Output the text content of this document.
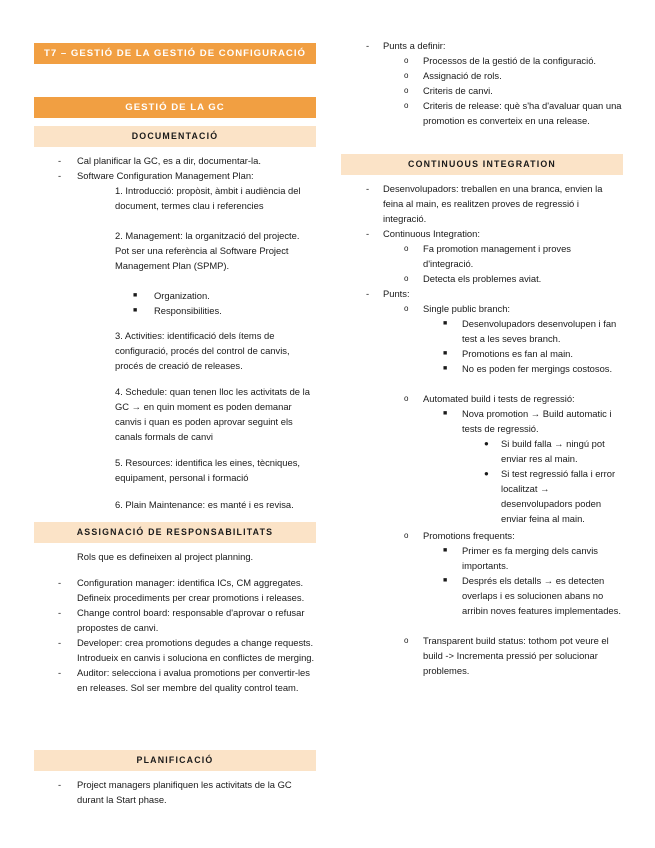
T7 – GESTIÓ DE LA GESTIÓ DE CONFIGURACIÓ
GESTIÓ DE LA GC
DOCUMENTACIÓ
- Cal planificar la GC, es a dir, documentar-la.
- Software Configuration Management Plan:
1. Introducció: propòsit, àmbit i audiència del document, termes clau i referencies
2. Management: la organització del projecte. Pot ser una referència al Software Project Management Plan (SPMP).
■ Organization.
■ Responsibilities.
3. Activities: identificació dels ítems de configuració, procés del control de canvis, procés de creació de releases.
4. Schedule: quan tenen lloc les activitats de la GC → en quin moment es poden demanar canvis i quan es poden aprovar seguint els canals formals de canvi
5. Resources: identifica les eines, tècniques, equipament, personal i formació
6. Plain Maintenance: es manté i es revisa.
ASSIGNACIÓ DE RESPONSABILITATS
Rols que es defineixen al project planning.
- Configuration manager: identifica ICs, CM aggregates. Defineix procediments per crear promotions i releases.
- Change control board: responsable d'aprovar o refusar propostes de canvi.
- Developer: crea promotions degudes a change requests. Introdueix en canvis i soluciona en conflictes de merging.
- Auditor: selecciona i avalua promotions per convertir-les en releases. Sol ser membre del quality control team.
PLANIFICACIÓ
- Project managers planifiquen les activitats de la GC durant la Start phase.
- Punts a definir:
o Processos de la gestió de la configuració.
o Assignació de rols.
o Criteris de canvi.
o Criteris de release: què s'ha d'avaluar quan una promotion es converteix en una release.
CONTINUOUS INTEGRATION
- Desenvolupadors: treballen en una branca, envien la feina al main, es realitzen proves de regressió i integració.
- Continuous Integration:
o Fa promotion management i proves d'integració.
o Detecta els problemes aviat.
- Punts:
o Single public branch:
■ Desenvolupadors desenvolupen i fan test a les seves branch.
■ Promotions es fan al main.
■ No es poden fer mergings costosos.
o Automated build i tests de regressió:
■ Nova promotion → Build automatic i tests de regressió.
● Si build falla → ningú pot enviar res al main.
● Si test regressió falla i error localitzat → desenvolupadors poden enviar feina al main.
o Promotions frequents:
■ Primer es fa merging dels canvis importants.
■ Després els detalls → es detecten overlaps i es solucionen abans no arribin noves features implementades.
o Transparent build status: tothom pot veure el build -> Incrementa pressió per solucionar problemes.
